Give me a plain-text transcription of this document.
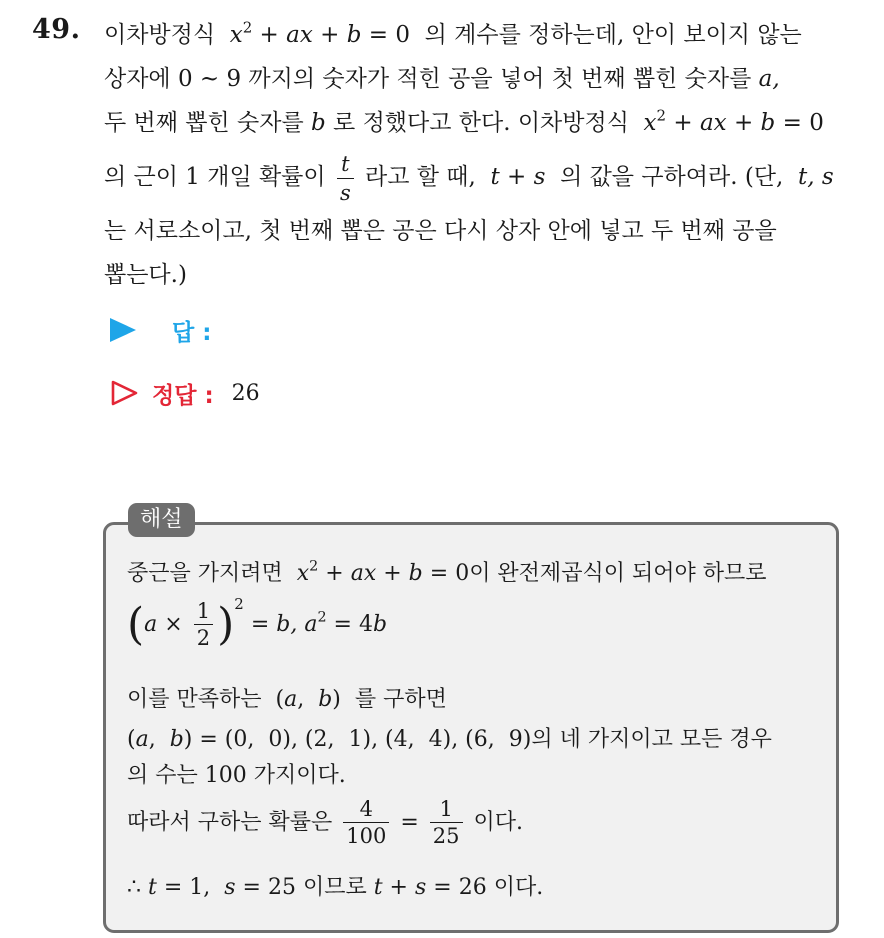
49. 이차방정식  $x^2$ + ax + b = 0 의 계수를 정하는데, 안이 보이지 않는
상자에 0 ~ 9 까지의 숫자가 적힌 공을 넣어 첫 번째 뽑힌 숫자를 a,
두 번째 뽑힌 숫자를 b 로 정했다고 한다. 이차방정식  $x^2$ + ax + b = 0
의 근이 1 개일 확률이 $\frac{t}{s}$ 라고 할 때,  t + s  의 값을 구하여라. (단,  t, s
는 서로소이고, 첫 번째 뽑은 공은 다시 상자 안에 넣고 두 번째 공을
뽑는다.)
답 :
정답 : 26
해설
중근을 가지려면  $x^2$ + ax + b = 0이 완전제곱식이 되어야 하므로
$(a \times \frac{1}{2} )^2 = b$, $a^2 = 4b$
이를 만족하는  (a,  b)  를 구하면
(a,  b) = (0,  0), (2,  1), (4,  4), (6,  9)의 네 가지이고 모든 경우
의 수는 100 가지이다.
따라서 구하는 확률은 $\frac{4}{100} = \frac{1}{25}$ 이다.
∴ t = 1,  s = 25 이므로 t + s = 26 이다.
